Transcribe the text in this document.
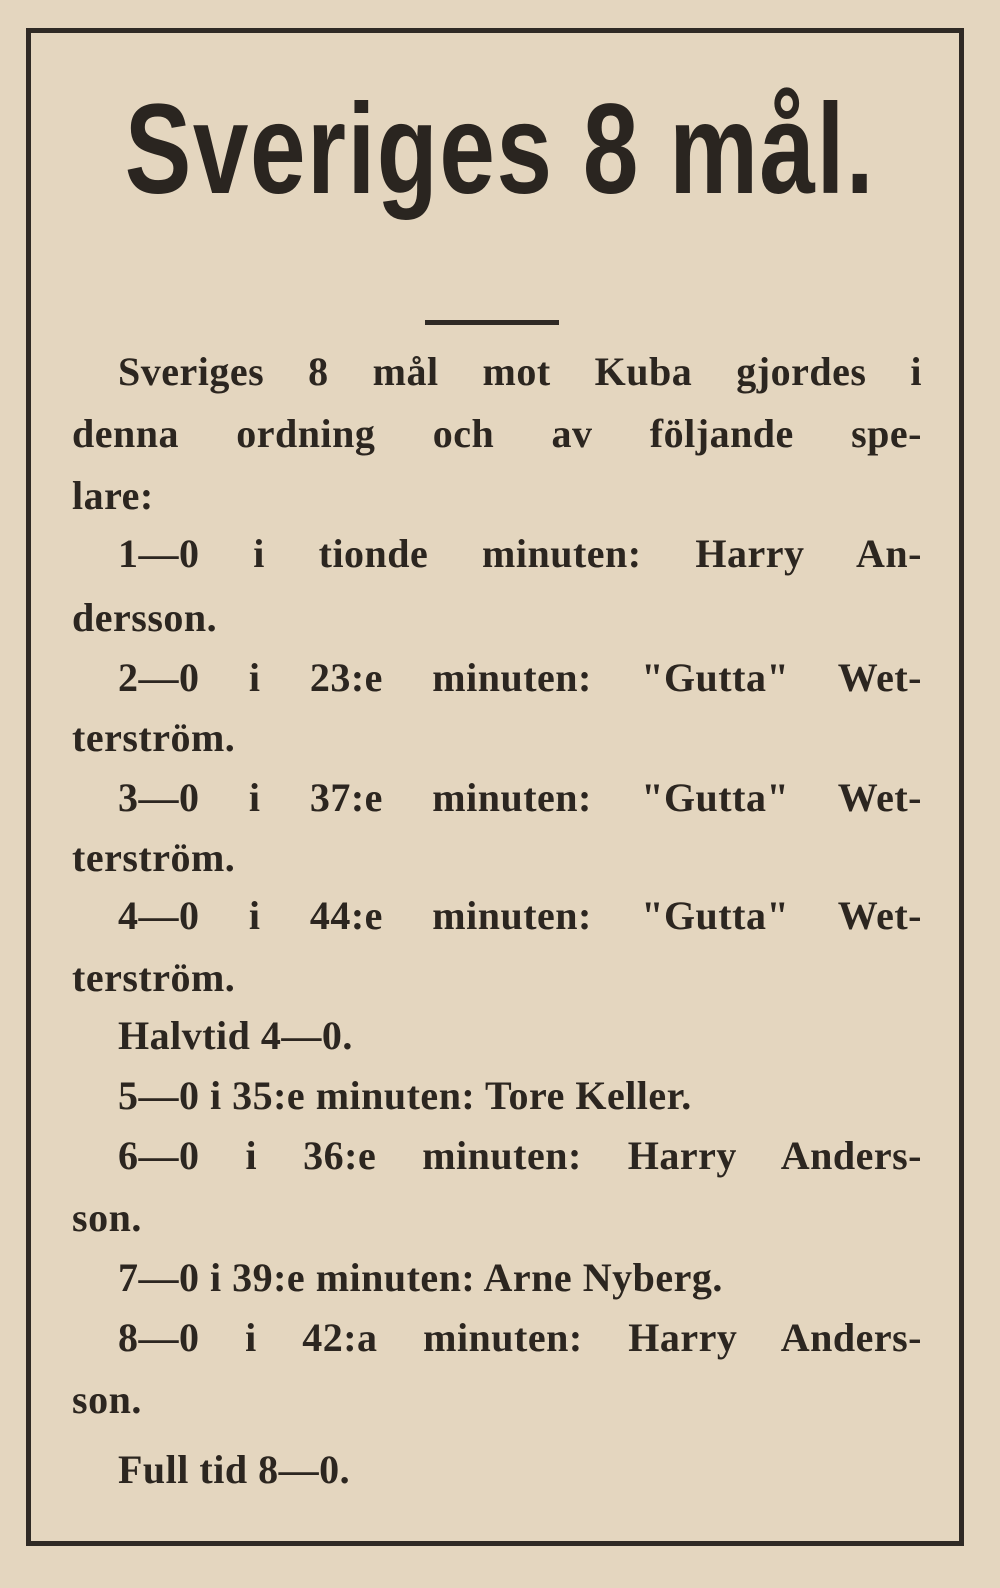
Sveriges 8 mål.
Sveriges 8 mål mot Kuba gjordes i
denna ordning och av följande spe-
lare:
1—0 i tionde minuten: Harry An-
dersson.
2—0 i 23:e minuten: "Gutta" Wet-
terström.
3—0 i 37:e minuten: "Gutta" Wet-
terström.
4—0 i 44:e minuten: "Gutta" Wet-
terström.
Halvtid 4—0.
5—0 i 35:e minuten: Tore Keller.
6—0 i 36:e minuten: Harry Anders-
son.
7—0 i 39:e minuten: Arne Nyberg.
8—0 i 42:a minuten: Harry Anders-
son.
Full tid 8—0.
